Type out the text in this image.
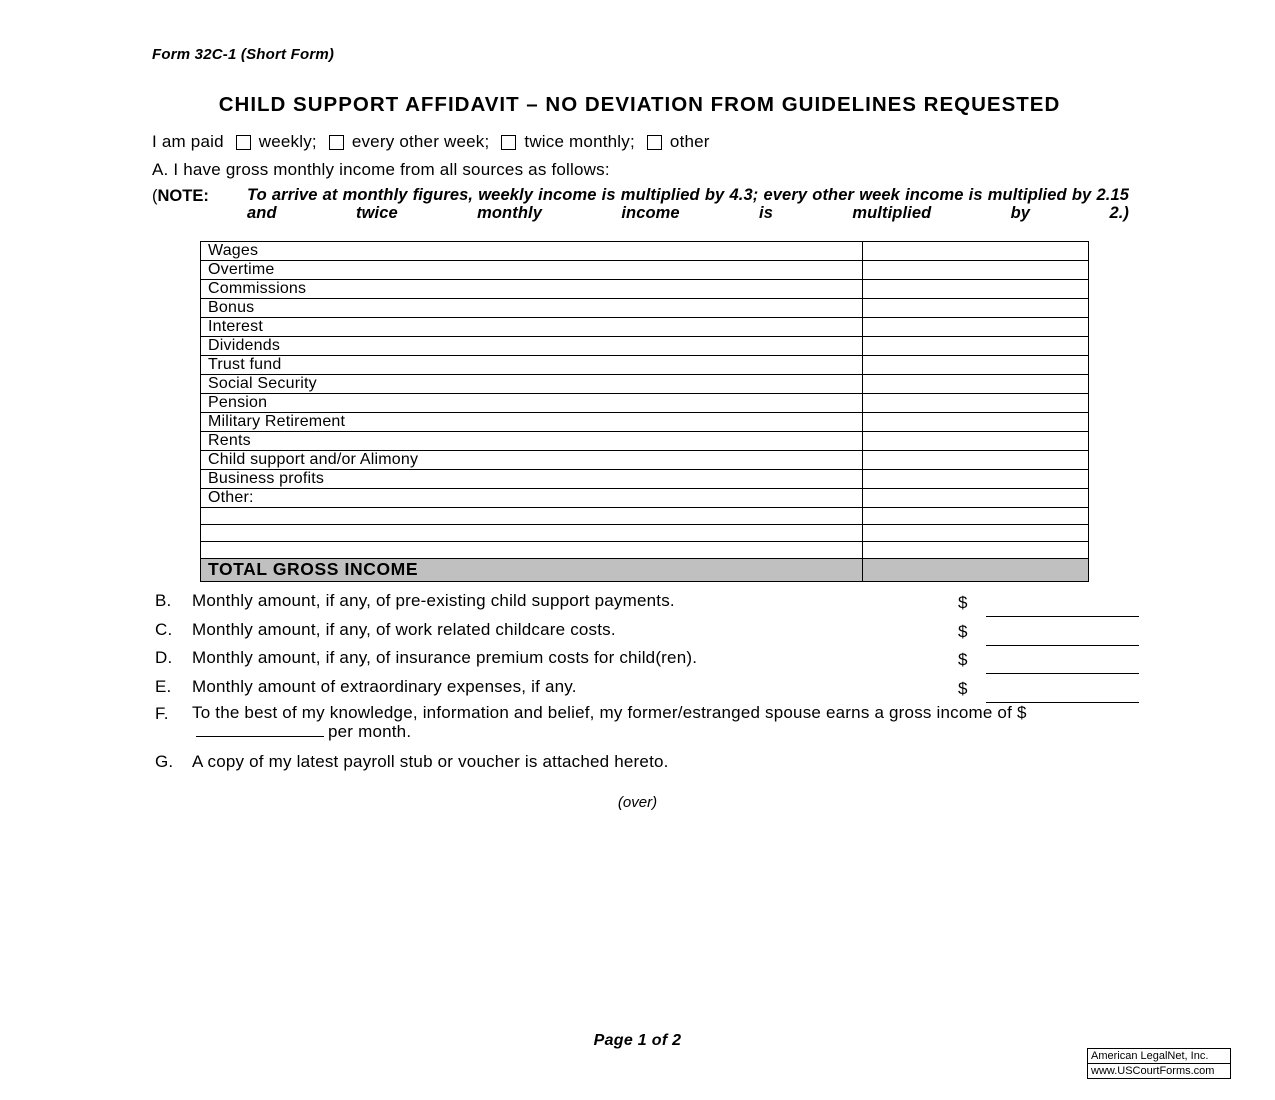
Form 32C-1 (Short Form)
CHILD SUPPORT AFFIDAVIT – NO DEVIATION FROM GUIDELINES REQUESTED
I am paid weekly; every other week; twice monthly; other
A. I have gross monthly income from all sources as follows:
(NOTE:	To arrive at monthly figures, weekly income is multiplied by 4.3; every other week income is multiplied by 2.15 and twice monthly income is multiplied by 2.)
Wages	
Overtime	
Commissions	
Bonus	
Interest	
Dividends	
Trust fund	
Social Security	
Pension	
Military Retirement	
Rents	
Child support and/or Alimony	
Business profits	
Other:	

TOTAL GROSS INCOME	
B. Monthly amount, if any, of pre-existing child support payments.	$
C. Monthly amount, if any, of work related childcare costs.	$
D. Monthly amount, if any, of insurance premium costs for child(ren).	$
E. Monthly amount of extraordinary expenses, if any.	$
F. To the best of my knowledge, information and belief, my former/estranged spouse earns a gross income of $per month.
G. A copy of my latest payroll stub or voucher is attached hereto.
(over)
Page 1 of 2
American LegalNet, Inc.
www.USCourtForms.com
